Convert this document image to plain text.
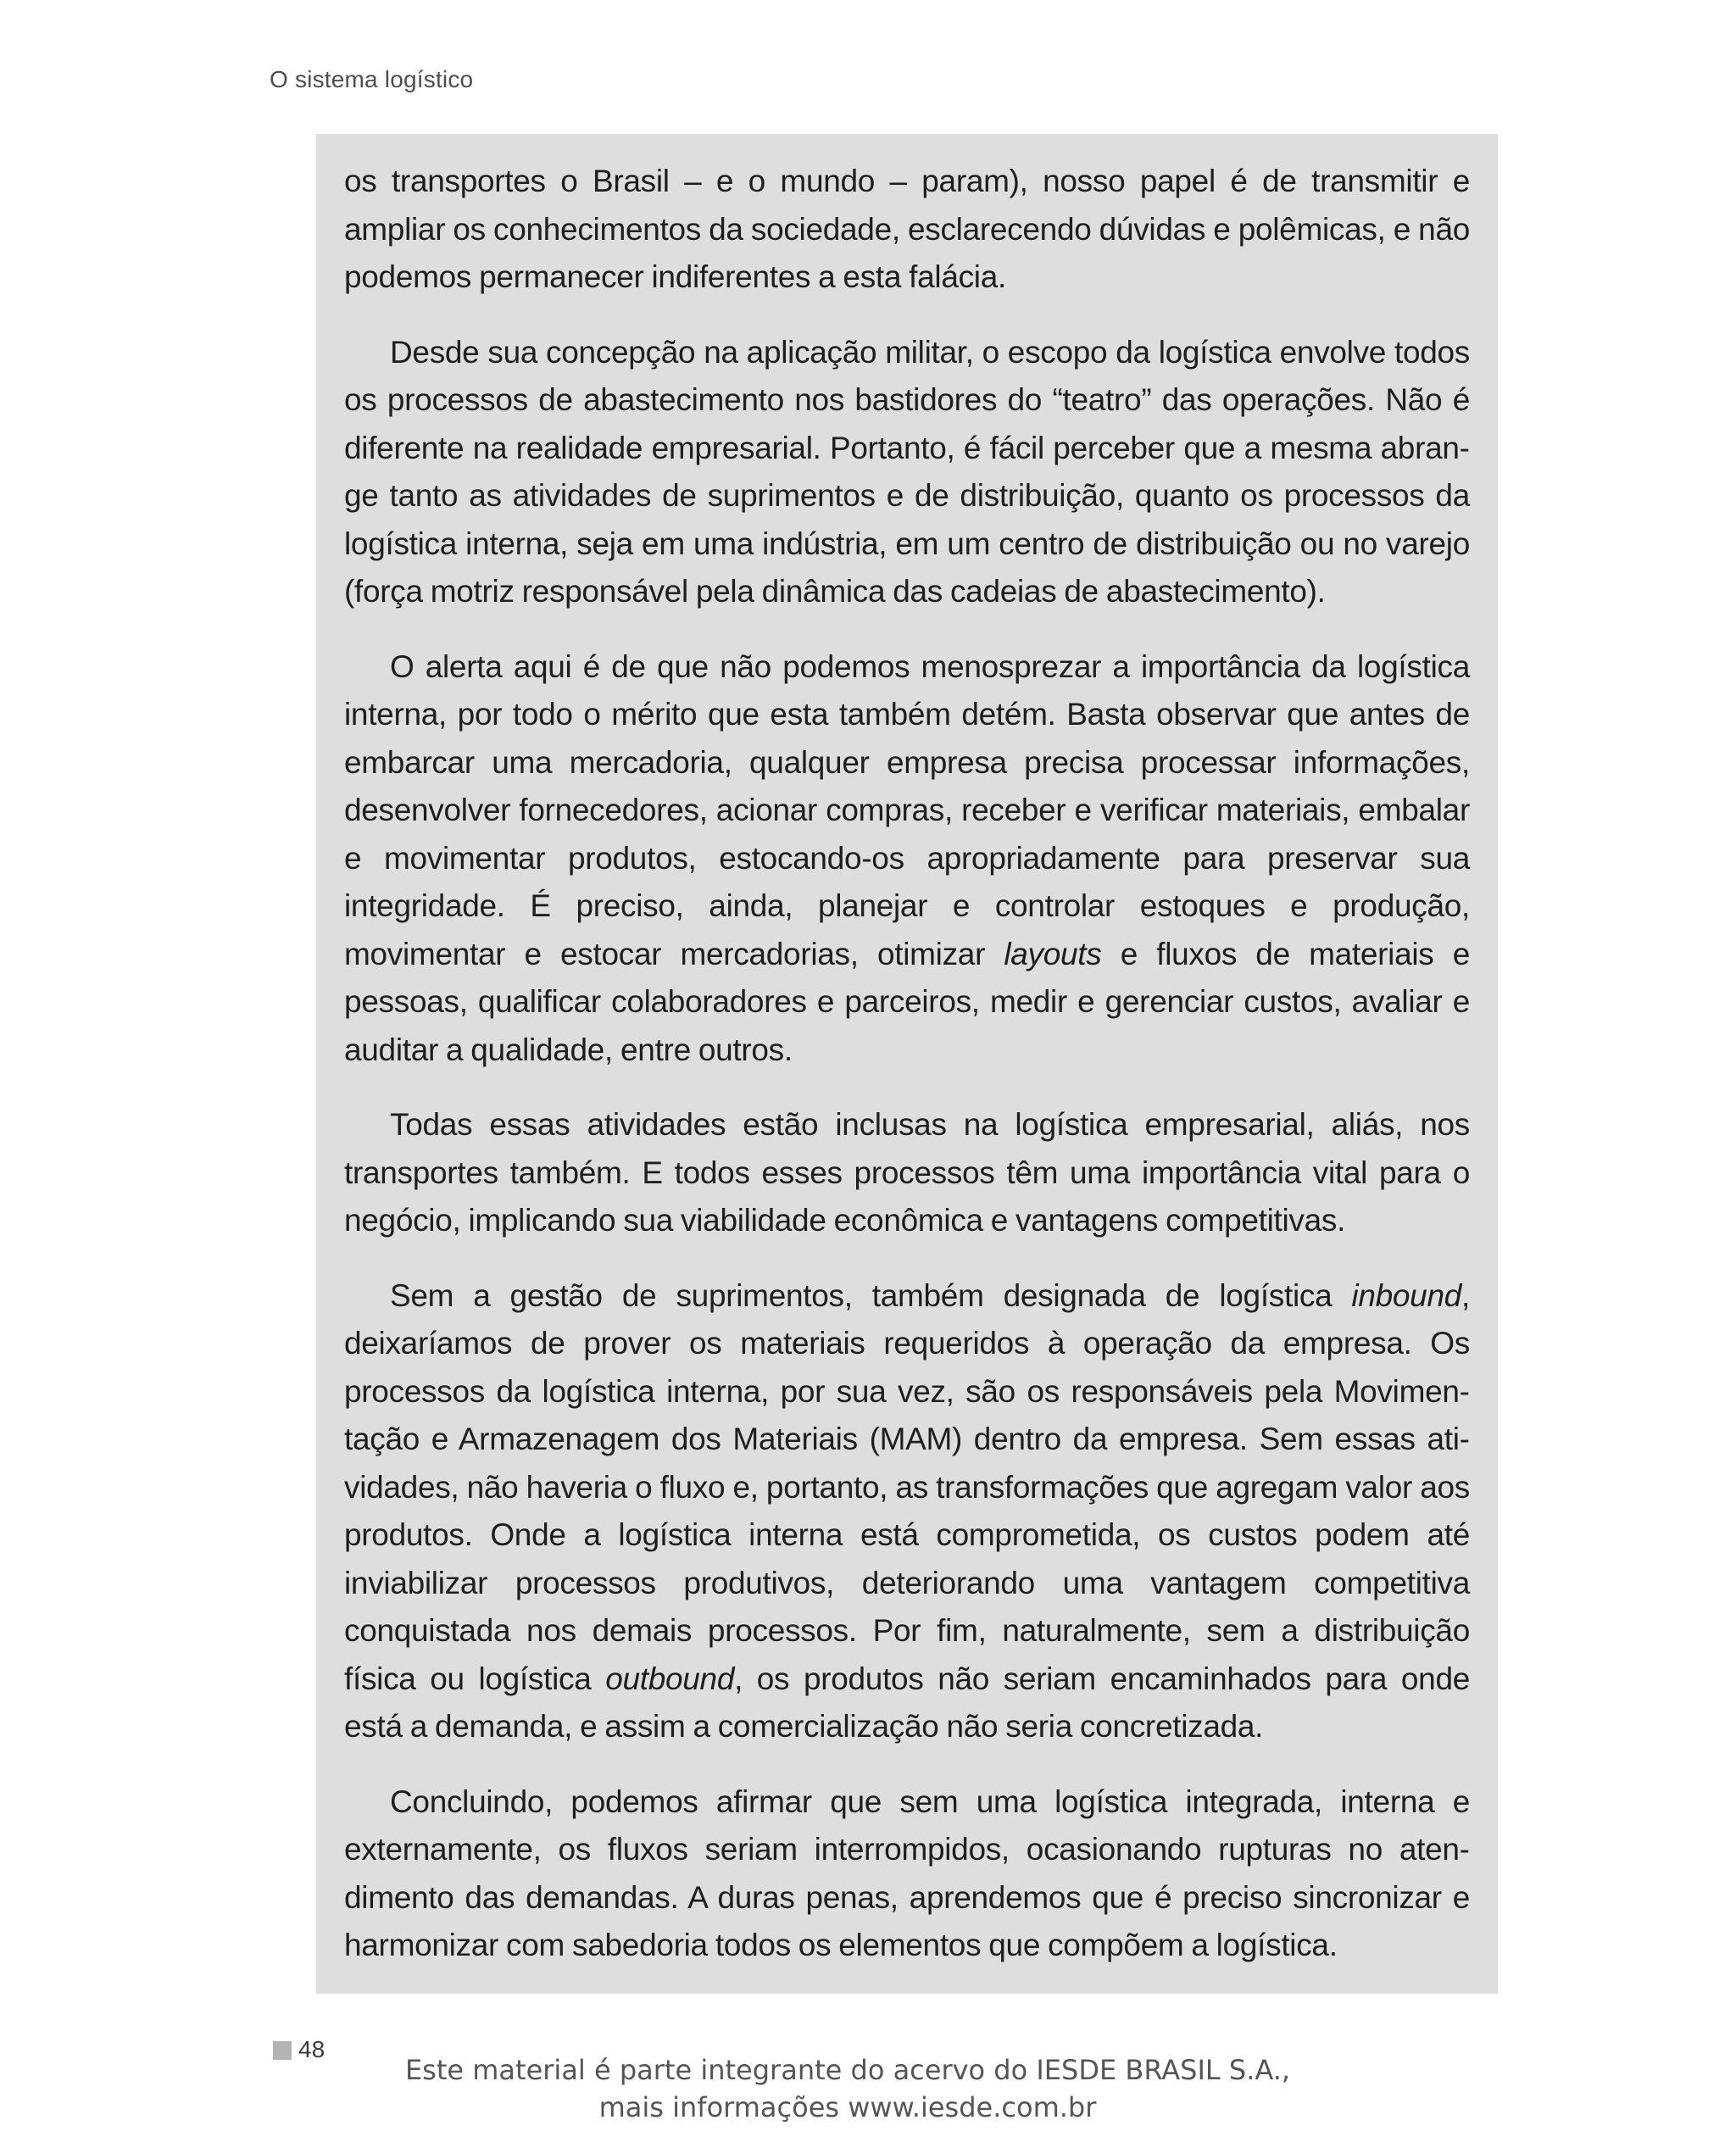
O sistema logístico

os transportes o Brasil – e o mundo – param), nosso papel é de transmitir e ampliar os conhecimentos da sociedade, esclarecendo dúvidas e polêmicas, e não podemos permanecer indiferentes a esta falácia.

Desde sua concepção na aplicação militar, o escopo da logística envolve todos os processos de abastecimento nos bastidores do “teatro” das operações. Não é diferente na realidade empresarial. Portanto, é fácil perceber que a mesma abrange tanto as atividades de suprimentos e de distribuição, quanto os processos da logística interna, seja em uma indústria, em um centro de distribuição ou no varejo (força motriz responsável pela dinâmica das cadeias de abastecimento).

O alerta aqui é de que não podemos menosprezar a importância da logística interna, por todo o mérito que esta também detém. Basta observar que antes de embarcar uma mercadoria, qualquer empresa precisa processar informações, desenvolver fornecedores, acionar compras, receber e verificar materiais, embalar e movimentar produtos, estocando-os apropriadamente para preservar sua integridade. É preciso, ainda, planejar e controlar estoques e produção, movimentar e estocar mercadorias, otimizar layouts e fluxos de materiais e pessoas, qualificar colaboradores e parceiros, medir e gerenciar custos, avaliar e auditar a qualidade, entre outros.

Todas essas atividades estão inclusas na logística empresarial, aliás, nos transportes também. E todos esses processos têm uma importância vital para o negócio, implicando sua viabilidade econômica e vantagens competitivas.

Sem a gestão de suprimentos, também designada de logística inbound, deixaríamos de prover os materiais requeridos à operação da empresa. Os processos da logística interna, por sua vez, são os responsáveis pela Movimentação e Armazenagem dos Materiais (MAM) dentro da empresa. Sem essas atividades, não haveria o fluxo e, portanto, as transformações que agregam valor aos produtos. Onde a logística interna está comprometida, os custos podem até inviabilizar processos produtivos, deteriorando uma vantagem competitiva conquistada nos demais processos. Por fim, naturalmente, sem a distribuição física ou logística outbound, os produtos não seriam encaminhados para onde está a demanda, e assim a comercialização não seria concretizada.

Concluindo, podemos afirmar que sem uma logística integrada, interna e externamente, os fluxos seriam interrompidos, ocasionando rupturas no atendimento das demandas. A duras penas, aprendemos que é preciso sincronizar e harmonizar com sabedoria todos os elementos que compõem a logística.

48
Este material é parte integrante do acervo do IESDE BRASIL S.A.,
mais informações www.iesde.com.br
